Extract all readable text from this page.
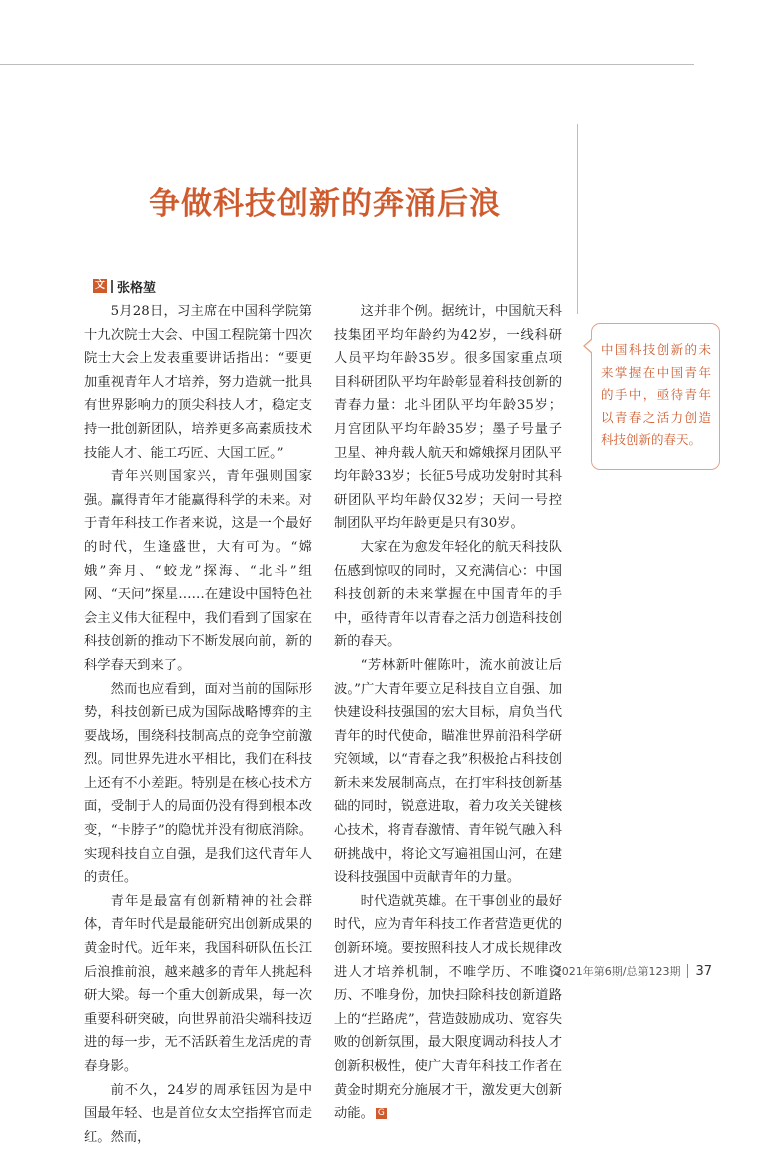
争做科技创新的奔涌后浪
文 张格堃

5月28日，习主席在中国科学院第十九次院士大会、中国工程院第十四次院士大会上发表重要讲话指出：“要更加重视青年人才培养，努力造就一批具有世界影响力的顶尖科技人才，稳定支持一批创新团队，培养更多高素质技术技能人才、能工巧匠、大国工匠。”

青年兴则国家兴，青年强则国家强。赢得青年才能赢得科学的未来。对于青年科技工作者来说，这是一个最好的时代，生逢盛世，大有可为。“嫦娥”奔月、“蛟龙”探海、“北斗”组网、“天问”探星……在建设中国特色社会主义伟大征程中，我们看到了国家在科技创新的推动下不断发展向前，新的科学春天到来了。

然而也应看到，面对当前的国际形势，科技创新已成为国际战略博弈的主要战场，围绕科技制高点的竞争空前激烈。同世界先进水平相比，我们在科技上还有不小差距。特别是在核心技术方面，受制于人的局面仍没有得到根本改变，“卡脖子”的隐忧并没有彻底消除。实现科技自立自强，是我们这代青年人的责任。

青年是最富有创新精神的社会群体，青年时代是最能研究出创新成果的黄金时代。近年来，我国科研队伍长江后浪推前浪，越来越多的青年人挑起科研大梁。每一个重大创新成果，每一次重要科研突破，向世界前沿尖端科技迈进的每一步，无不活跃着生龙活虎的青春身影。

前不久，24岁的周承钰因为是中国最年轻、也是首位女太空指挥官而走红。然而，

这并非个例。据统计，中国航天科技集团平均年龄约为42岁，一线科研人员平均年龄35岁。很多国家重点项目科研团队平均年龄彰显着科技创新的青春力量：北斗团队平均年龄35岁；月宫团队平均年龄35岁；墨子号量子卫星、神舟载人航天和嫦娥探月团队平均年龄33岁；长征5号成功发射时其科研团队平均年龄仅32岁；天问一号控制团队平均年龄更是只有30岁。

大家在为愈发年轻化的航天科技队伍感到惊叹的同时，又充满信心：中国科技创新的未来掌握在中国青年的手中，亟待青年以青春之活力创造科技创新的春天。

“芳林新叶催陈叶，流水前波让后波。”广大青年要立足科技自立自强、加快建设科技强国的宏大目标，肩负当代青年的时代使命，瞄准世界前沿科学研究领域，以“青春之我”积极抢占科技创新未来发展制高点，在打牢科技创新基础的同时，锐意进取，着力攻关关键核心技术，将青春激情、青年锐气融入科研挑战中，将论文写遍祖国山河，在建设科技强国中贡献青年的力量。

时代造就英雄。在干事创业的最好时代，应为青年科技工作者营造更优的创新环境。要按照科技人才成长规律改进人才培养机制，不唯学历、不唯资历、不唯身份，加快扫除科技创新道路上的“拦路虎”，营造鼓励成功、宽容失败的创新氛围，最大限度调动科技人才创新积极性，使广大青年科技工作者在黄金时期充分施展才干，激发更大创新动能。 G

中国科技创新的未来掌握在中国青年的手中，亟待青年以青春之活力创造科技创新的春天。

2021年第6期/总第123期 37
